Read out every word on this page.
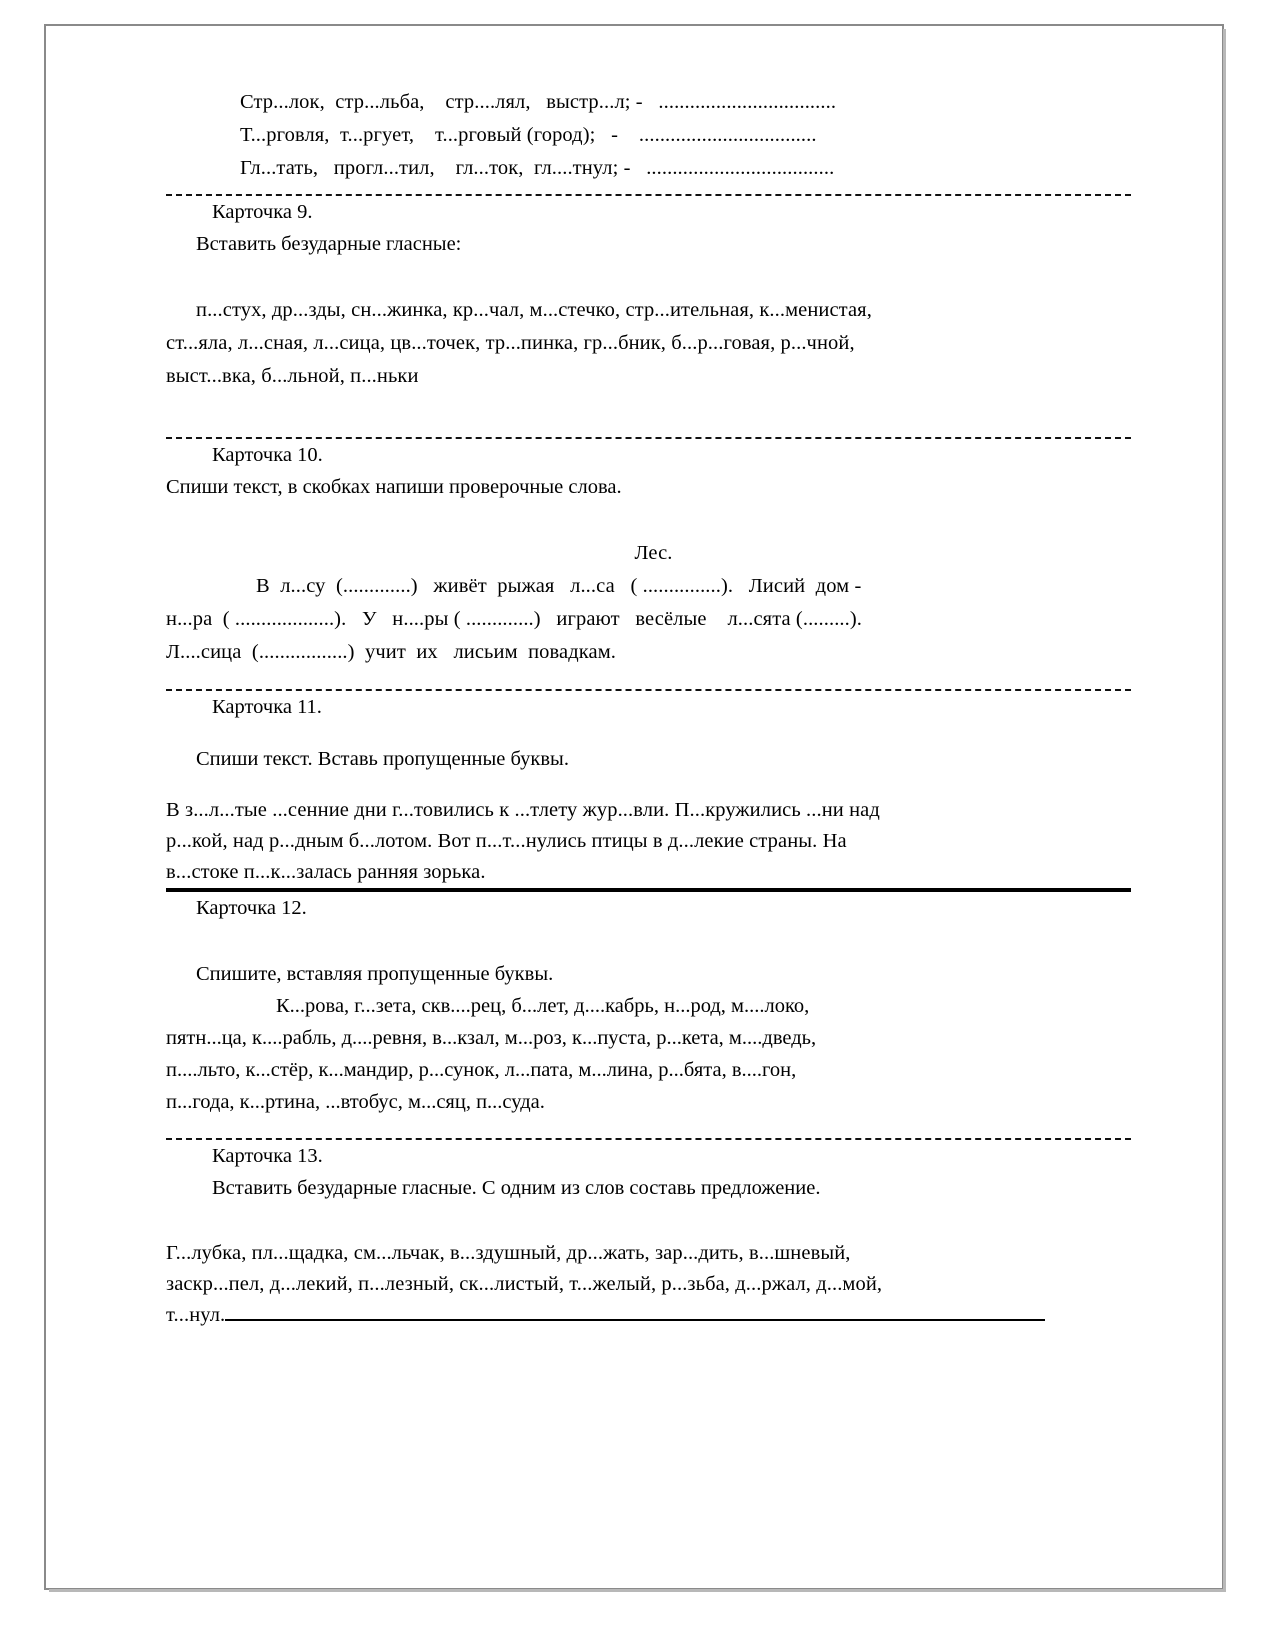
Стр...лок,  стр...льба,    стр....лял,   выстр...л; -   ..................................
Т...рговля,  т...ргует,    т...рговый (город);   -    ..................................
Гл...тать,   прогл...тил,    гл...ток,  гл....тнул; -   ....................................
Карточка 9.
Вставить безударные гласные:
п...стух, др...зды, сн...жинка, кр...чал, м...стечко, стр...ительная, к...менистая,
ст...яла, л...сная, л...сица, цв...точек, тр...пинка, гр...бник, б...р...говая, р...чной,
выст...вка, б...льной, п...ньки
Карточка 10.
Спиши текст, в скобках напиши проверочные слова.
Лес.
В  л...су  (.............)   живёт  рыжая   л...са   ( ...............).   Лисий  дом -
н...ра  ( ...................).   У   н....ры ( .............)   играют   весёлые    л...сята (.........).
Л....сица  (.................)  учит  их   лисьим  повадкам.
Карточка 11.
Спиши текст. Вставь пропущенные буквы.
В з...л...тые ...сенние дни г...товились к ...тлету жур...вли. П...кружились ...ни над
р...кой, над р...дным б...лотом. Вот п...т...нулись птицы в д...лекие страны. На
в...стоке п...к...залась ранняя зорька.
Карточка 12.
Спишите, вставляя пропущенные буквы.
К...рова, г...зета, скв....рец, б...лет, д....кабрь, н...род, м....локо,
пятн...ца, к....рабль, д....ревня, в...кзал, м...роз, к...пуста, р...кета, м....дведь,
п....льто, к...стёр, к...мандир, р...сунок, л...пата, м...лина, р...бята, в....гон,
п...года, к...ртина, ...втобус, м...сяц, п...суда.
Карточка 13.
Вставить безударные гласные. С одним из слов составь предложение.
Г...лубка, пл...щадка, см...льчак, в...здушный, др...жать, зар...дить, в...шневый,
заскр...пел, д...лекий, п...лезный, ск...листый, т...желый, р...зьба, д...ржал, д...мой,
т...нул.
